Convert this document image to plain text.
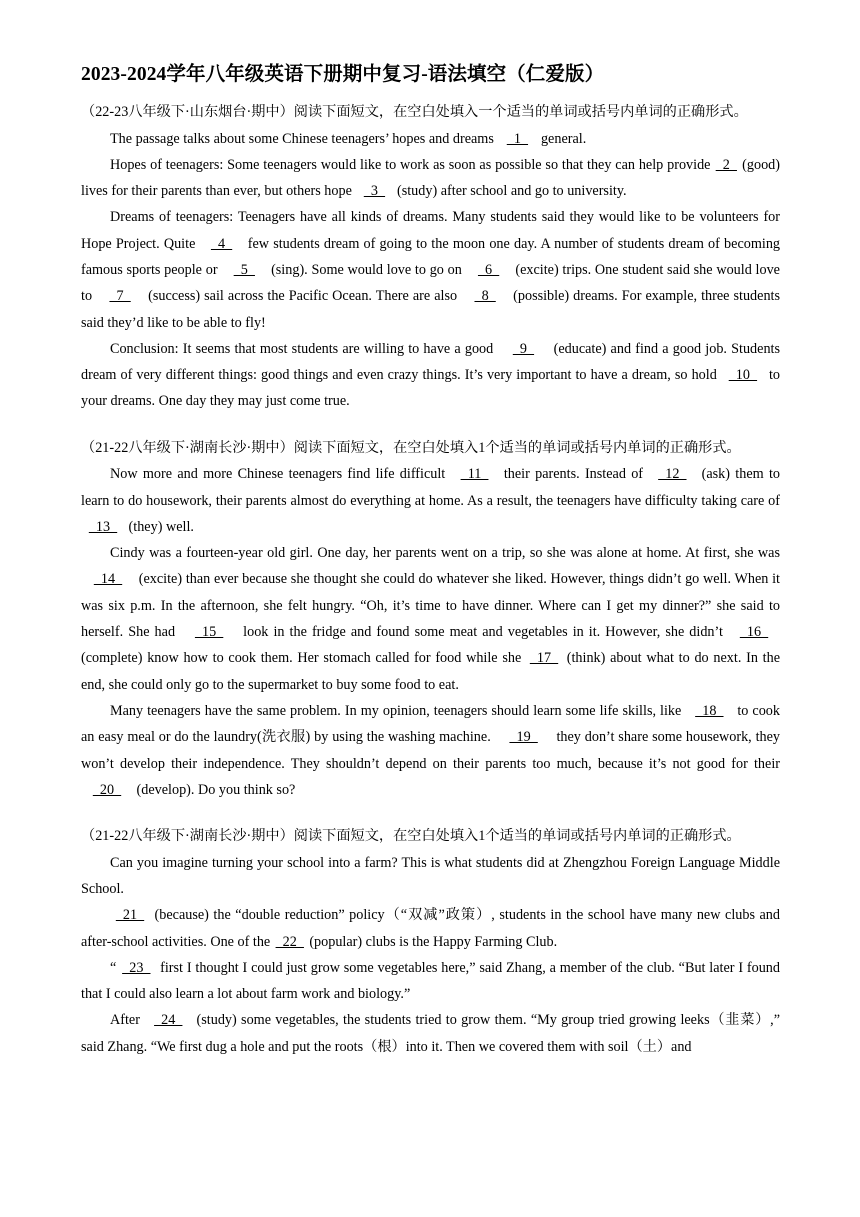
2023-2024学年八年级英语下册期中复习-语法填空（仁爱版）

（22-23八年级下·山东烟台·期中）阅读下面短文，在空白处填入一个适当的单词或括号内单词的正确形式。

The passage talks about some Chinese teenagers’ hopes and dreams   1   general.

Hopes of teenagers: Some teenagers would like to work as soon as possible so that they can help provide   2   (good) lives for their parents than ever, but others hope   3   (study) after school and go to university.

Dreams of teenagers: Teenagers have all kinds of dreams. Many students said they would like to be volunteers for Hope Project. Quite   4   few students dream of going to the moon one day. A number of students dream of becoming famous sports people or   5   (sing). Some would love to go on   6   (excite) trips. One student said she would love to   7   (success) sail across the Pacific Ocean. There are also   8   (possible) dreams. For example, three students said they’d like to be able to fly!

Conclusion: It seems that most students are willing to have a good   9   (educate) and find a good job. Students dream of very different things: good things and even crazy things. It’s very important to have a dream, so hold   10   to your dreams. One day they may just come true.

（21-22八年级下·湖南长沙·期中）阅读下面短文，在空白处填入1个适当的单词或括号内单词的正确形式。

Now more and more Chinese teenagers find life difficult   11   their parents. Instead of   12   (ask) them to learn to do housework, their parents almost do everything at home. As a result, the teenagers have difficulty taking care of   13   (they) well.

Cindy was a fourteen-year old girl. One day, her parents went on a trip, so she was alone at home. At first, she was   14   (excite) than ever because she thought she could do whatever she liked. However, things didn’t go well. When it was six p.m. In the afternoon, she felt hungry. “Oh, it’s time to have dinner. Where can I get my dinner?” she said to herself. She had   15   look in the fridge and found some meat and vegetables in it. However, she didn’t   16   (complete) know how to cook them. Her stomach called for food while she   17   (think) about what to do next. In the end, she could only go to the supermarket to buy some food to eat.

Many teenagers have the same problem. In my opinion, teenagers should learn some life skills, like   18   to cook an easy meal or do the laundry(洗衣服) by using the washing machine.   19   they don’t share some housework, they won’t develop their independence. They shouldn’t depend on their parents too much, because it’s not good for their   20   (develop). Do you think so?

（21-22八年级下·湖南长沙·期中）阅读下面短文，在空白处填入1个适当的单词或括号内单词的正确形式。

Can you imagine turning your school into a farm? This is what students did at Zhengzhou Foreign Language Middle School.

21   (because) the “double reduction” policy（“双减”政策）, students in the school have many new clubs and after-school activities. One of the   22   (popular) clubs is the Happy Farming Club.

“  23   first I thought I could just grow some vegetables here,” said Zhang, a member of the club. “But later I found that I could also learn a lot about farm work and biology.”

After   24   (study) some vegetables, the students tried to grow them. “My group tried growing leeks（韭菜）,” said Zhang. “We first dug a hole and put the roots（根）into it. Then we covered them with soil（土）and
